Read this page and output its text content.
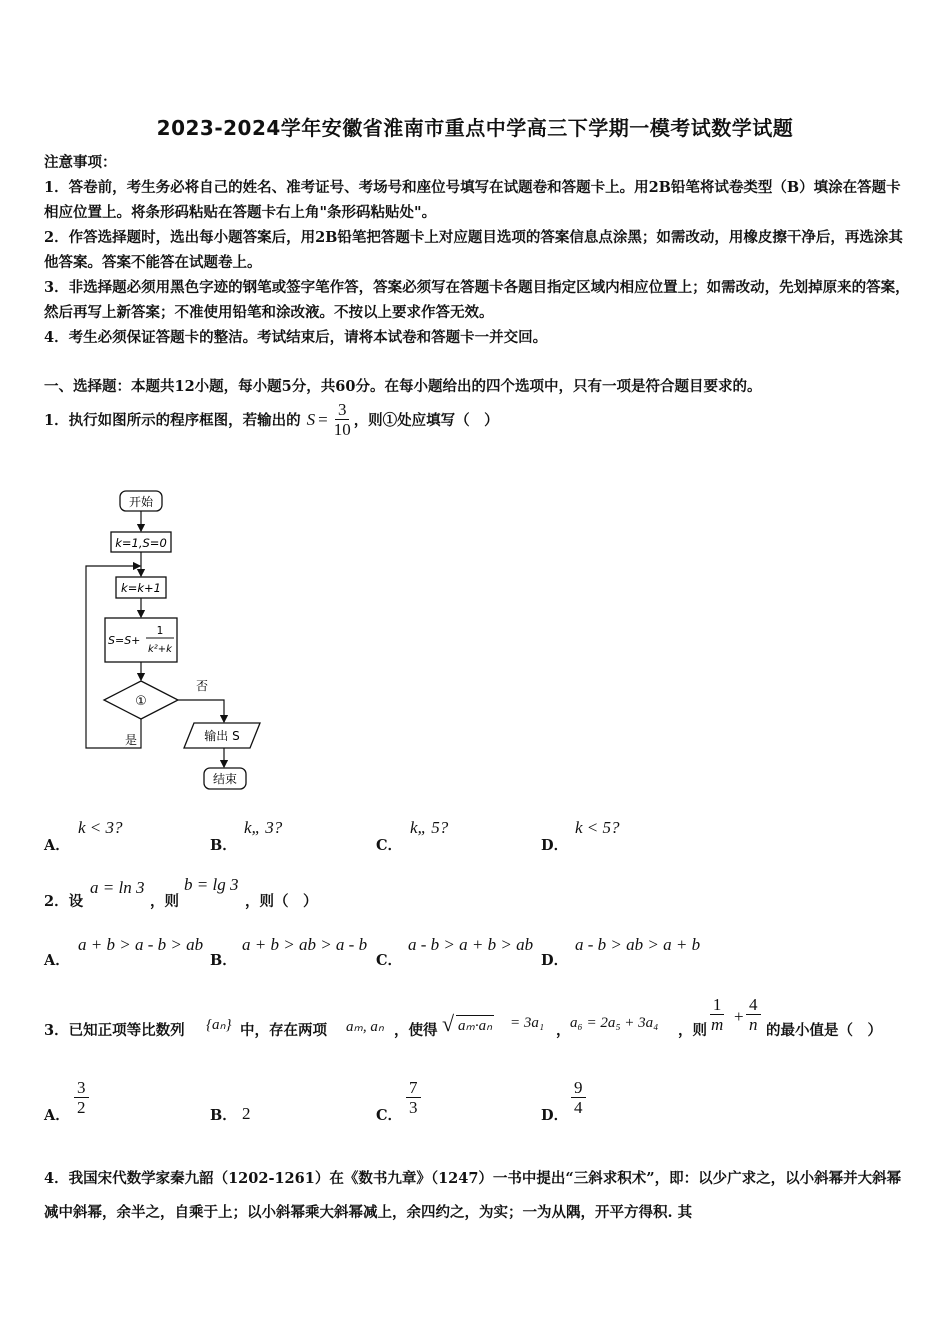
2023-2024学年安徽省淮南市重点中学高三下学期一模考试数学试题
注意事项：
1．答卷前，考生务必将自己的姓名、准考证号、考场号和座位号填写在试题卷和答题卡上。用2B铅笔将试卷类型（B）填涂在答题卡相应位置上。将条形码粘贴在答题卡右上角"条形码粘贴处"。
2．作答选择题时，选出每小题答案后，用2B铅笔把答题卡上对应题目选项的答案信息点涂黑；如需改动，用橡皮擦干净后，再选涂其他答案。答案不能答在试题卷上。
3．非选择题必须用黑色字迹的钢笔或签字笔作答，答案必须写在答题卡各题目指定区域内相应位置上；如需改动，先划掉原来的答案，然后再写上新答案；不准使用铅笔和涂改液。不按以上要求作答无效。
4．考生必须保证答题卡的整洁。考试结束后，请将本试卷和答题卡一并交回。
一、选择题：本题共12小题，每小题5分，共60分。在每小题给出的四个选项中，只有一项是符合题目要求的。
1．执行如图所示的程序框图，若输出的 $S = \frac{3}{10}$ ，则①处应填写（　）
开始
k=1,S=0
k=k+1
S=S+
1
k²+k
①
否
输出 S
结束
是
A．
k < 3?
B．
k„ 3?
C．
k„ 5?
D．
k < 5?
2．设
a = ln 3
，则
b = lg 3
，则（　）
A．
a + b > a - b > ab
B．
a + b > ab > a - b
C．
a - b > a + b > ab
D．
a - b > ab > a + b
3．已知正项等比数列 {aₙ} 中，存在两项 aₘ, aₙ ，使得 √ aₘ·aₙ = 3a₁ ， a₆ = 2a₅ + 3a₄ ，则 $\frac{1}{m} + \frac{4}{n}$ 的最小值是（　）
A． $\frac{3}{2}$	B． 2	C． $\frac{7}{3}$	D． $\frac{9}{4}$
4．我国宋代数学家秦九韶（1202-1261）在《数书九章》（1247）一书中提出“三斜求积术”，即：以少广求之，以小斜幂并大斜幂减中斜幂，余半之，自乘于上；以小斜幂乘大斜幂减上，余四约之，为实；一为从隅，开平方得积. 其
